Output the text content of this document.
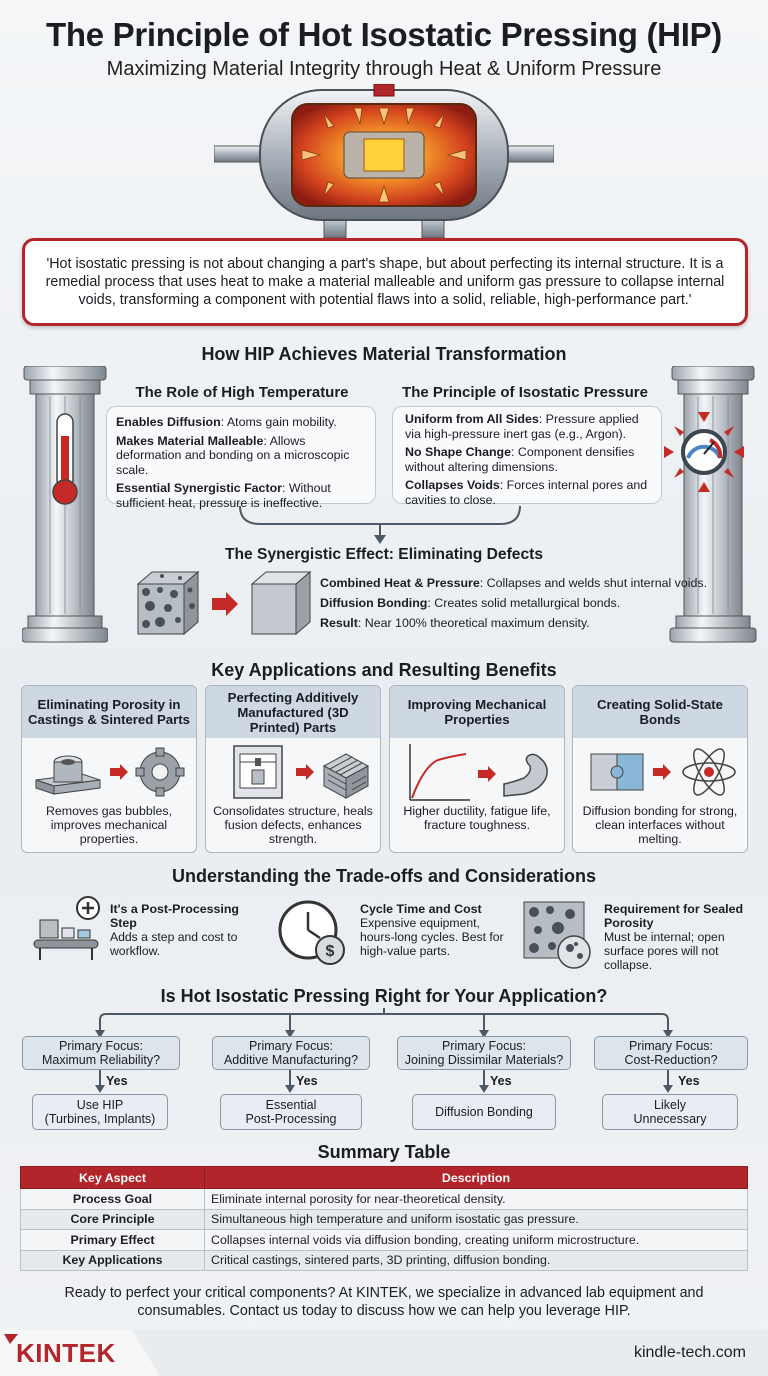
The Principle of Hot Isostatic Pressing (HIP)
Maximizing Material Integrity through Heat & Uniform Pressure
'Hot isostatic pressing is not about changing a part's shape, but about perfecting its internal structure. It is a remedial process that uses heat to make a material malleable and uniform gas pressure to collapse internal voids, transforming a component with potential flaws into a solid, reliable, high-performance part.'
How HIP Achieves Material Transformation
The Role of High Temperature

Enables Diffusion: Atoms gain mobility.

Makes Material Malleable: Allows deformation and bonding on a microscopic scale.

Essential Synergistic Factor: Without sufficient heat, pressure is ineffective.

The Principle of Isostatic Pressure

Uniform from All Sides: Pressure applied via high-pressure inert gas (e.g., Argon).

No Shape Change: Component densifies without altering dimensions.

Collapses Voids: Forces internal pores and cavities to close.

The Synergistic Effect: Eliminating Defects

Combined Heat & Pressure: Collapses and welds shut internal voids.

Diffusion Bonding: Creates solid metallurgical bonds.

Result: Near 100% theoretical maximum density.

Key Applications and Resulting Benefits
Eliminating Porosity in Castings & Sintered Parts
Removes gas bubbles, improves mechanical properties.
Perfecting Additively Manufactured (3D Printed) Parts
Consolidates structure, heals fusion defects, enhances strength.
Improving Mechanical Properties
Higher ductility, fatigue life, fracture toughness.
Creating Solid-State Bonds
Diffusion bonding for strong, clean interfaces without melting.
Understanding the Trade-offs and Considerations
It's a Post-Processing Step
Adds a step and cost to workflow.	$
Cycle Time and Cost
Expensive equipment, hours-long cycles. Best for high-value parts.
Requirement for Sealed Porosity
Must be internal; open surface pores will not collapse.
Is Hot Isostatic Pressing Right for Your Application?
Primary Focus:
Maximum Reliability?
Primary Focus:
Additive Manufacturing?
Primary Focus:
Joining Dissimilar Materials?
Primary Focus:
Cost-Reduction?
Yes	Yes	Yes	Yes
Use HIP
(Turbines, Implants)
Essential
Post-Processing	Diffusion Bonding	Likely
Unnecessary
Summary Table
Key Aspect	Description
Process Goal	Eliminate internal porosity for near-theoretical density.
Core Principle	Simultaneous high temperature and uniform isostatic gas pressure.
Primary Effect	Collapses internal voids via diffusion bonding, creating uniform microstructure.
Key Applications	Critical castings, sintered parts, 3D printing, diffusion bonding.
Ready to perfect your critical components? At KINTEK, we specialize in advanced lab equipment and consumables. Contact us today to discuss how we can help you leverage HIP.
KINTEK	kindle-tech.com
